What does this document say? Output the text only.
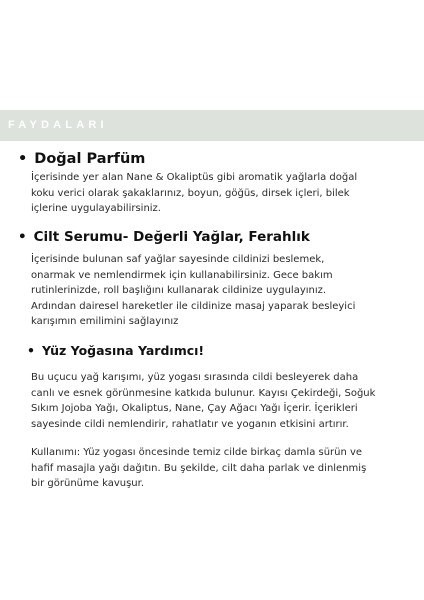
FAYDALARI
• Doğal Parfüm
İçerisinde yer alan Nane & Okaliptüs gibi aromatik yağlarla doğal
koku verici olarak şakaklarınız, boyun, göğüs, dirsek içleri, bilek
içlerine uygulayabilirsiniz.
• Cilt Serumu- Değerli Yağlar, Ferahlık
İçerisinde bulunan saf yağlar sayesinde cildinizi beslemek,
onarmak ve nemlendirmek için kullanabilirsiniz. Gece bakım
rutinlerinizde, roll başlığını kullanarak cildinize uygulayınız.
Ardından dairesel hareketler ile cildinize masaj yaparak besleyici
karışımın emilimini sağlayınız
• Yüz Yoğasına Yardımcı!
Bu uçucu yağ karışımı, yüz yogası sırasında cildi besleyerek daha
canlı ve esnek görünmesine katkıda bulunur. Kayısı Çekirdeği, Soğuk
Sıkım Jojoba Yağı, Okaliptus, Nane, Çay Ağacı Yağı İçerir. İçerikleri
sayesinde cildi nemlendirir, rahatlatır ve yoganın etkisini artırır.
Kullanımı: Yüz yogası öncesinde temiz cilde birkaç damla sürün ve
hafif masajla yağı dağıtın. Bu şekilde, cilt daha parlak ve dinlenmiş
bir görünüme kavuşur.
